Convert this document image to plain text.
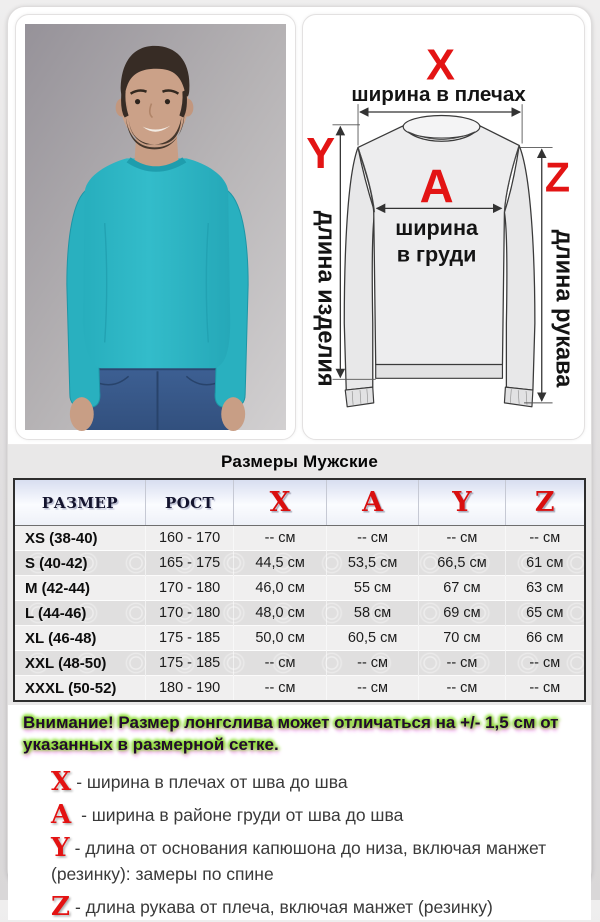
X
ширина в плечах
Y
A Z
ширина
в груди
длина изделия	длина рукава
Размеры Мужские
РАЗМЕР	РОСТ	X	A	Y	Z
XS (38-40)	160 - 170	-- см	-- см	-- см	-- см
S (40-42)	165 - 175	44,5 см	53,5 см	66,5 см	61 см
M (42-44)	170 - 180	46,0 см	55 см	67 см	63 см
L (44-46)	170 - 180	48,0 см	58 см	69 см	65 см
XL (46-48)	175 - 185	50,0 см	60,5 см	70 см	66 см
XXL (48-50)	175 - 185	-- см	-- см	-- см	-- см
XXXL (50-52)	180 - 190	-- см	-- см	-- см	-- см
Внимание! Размер лонгслива может отличаться на +/- 1,5 см от указанных в размерной сетке.
X - ширина в плечах от шва до шва
A - ширина в районе груди от шва до шва
Y - длина от основания капюшона до низа, включая манжет (резинку): замеры по спине
Z - длина рукава от плеча, включая манжет (резинку)
